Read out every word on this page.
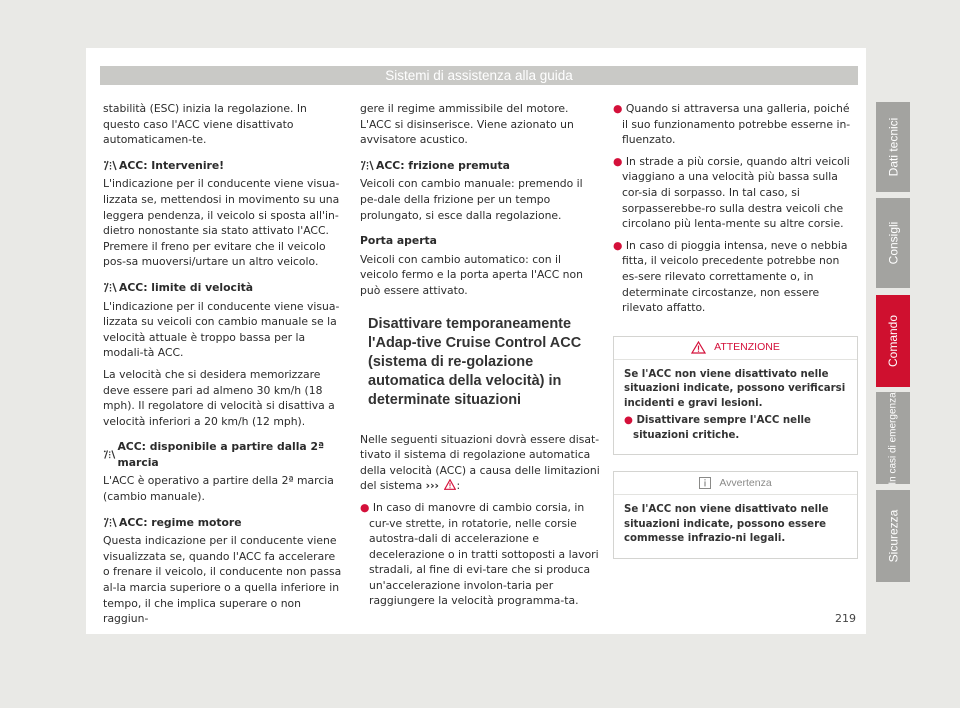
Sistemi di assistenza alla guida

stabilità (ESC) inizia la regolazione. In questo caso l'ACC viene disattivato automaticamen-te.

ACC: Intervenire!

L'indicazione per il conducente viene visua-lizzata se, mettendosi in movimento su una leggera pendenza, il veicolo si sposta all'in-dietro nonostante sia stato attivato l'ACC. Premere il freno per evitare che il veicolo pos-sa muoversi/urtare un altro veicolo.

ACC: limite di velocità

L'indicazione per il conducente viene visua-lizzata su veicoli con cambio manuale se la velocità attuale è troppo bassa per la modali-tà ACC.

La velocità che si desidera memorizzare deve essere pari ad almeno 30 km/h (18 mph). Il regolatore di velocità si disattiva a velocità inferiori a 20 km/h (12 mph).

ACC: disponibile a partire dalla 2ª marcia

L'ACC è operativo a partire della 2ª marcia (cambio manuale).

ACC: regime motore

Questa indicazione per il conducente viene visualizzata se, quando l'ACC fa accelerare o frenare il veicolo, il conducente non passa al-la marcia superiore o a quella inferiore in tempo, il che implica superare o non raggiun-

gere il regime ammissibile del motore. L'ACC si disinserisce. Viene azionato un avvisatore acustico.

ACC: frizione premuta

Veicoli con cambio manuale: premendo il pe-dale della frizione per un tempo prolungato, si esce dalla regolazione.

Porta aperta

Veicoli con cambio automatico: con il veicolo fermo e la porta aperta l'ACC non può essere attivato.

Disattivare temporaneamente l'Adap-tive Cruise Control ACC (sistema di re-golazione automatica della velocità) in determinate situazioni

Nelle seguenti situazioni dovrà essere disat-tivato il sistema di regolazione automatica della velocità (ACC) a causa delle limitazioni del sistema ››› :

● In caso di manovre di cambio corsia, in cur-ve strette, in rotatorie, nelle corsie autostra-dali di accelerazione e decelerazione o in tratti sottoposti a lavori stradali, al fine di evi-tare che si produca un'accelerazione involon-taria per raggiungere la velocità programma-ta.

● Quando si attraversa una galleria, poiché il suo funzionamento potrebbe esserne in-fluenzato.

● In strade a più corsie, quando altri veicoli viaggiano a una velocità più bassa sulla cor-sia di sorpasso. In tal caso, si sorpasserebbe-ro sulla destra veicoli che circolano più lenta-mente su altre corsie.

● In caso di pioggia intensa, neve o nebbia fitta, il veicolo precedente potrebbe non es-sere rilevato correttamente o, in determinate circostanze, non essere rilevato affatto.

ATTENZIONE

Se l'ACC non viene disattivato nelle situazioni indicate, possono verificarsi incidenti e gravi lesioni.

● Disattivare sempre l'ACC nelle situazioni critiche.

Avvertenza

Se l'ACC non viene disattivato nelle situazioni indicate, possono essere commesse infrazio-ni legali.

Dati tecnici
Consigli
Comando
In casi di emergenza
Sicurezza
219
